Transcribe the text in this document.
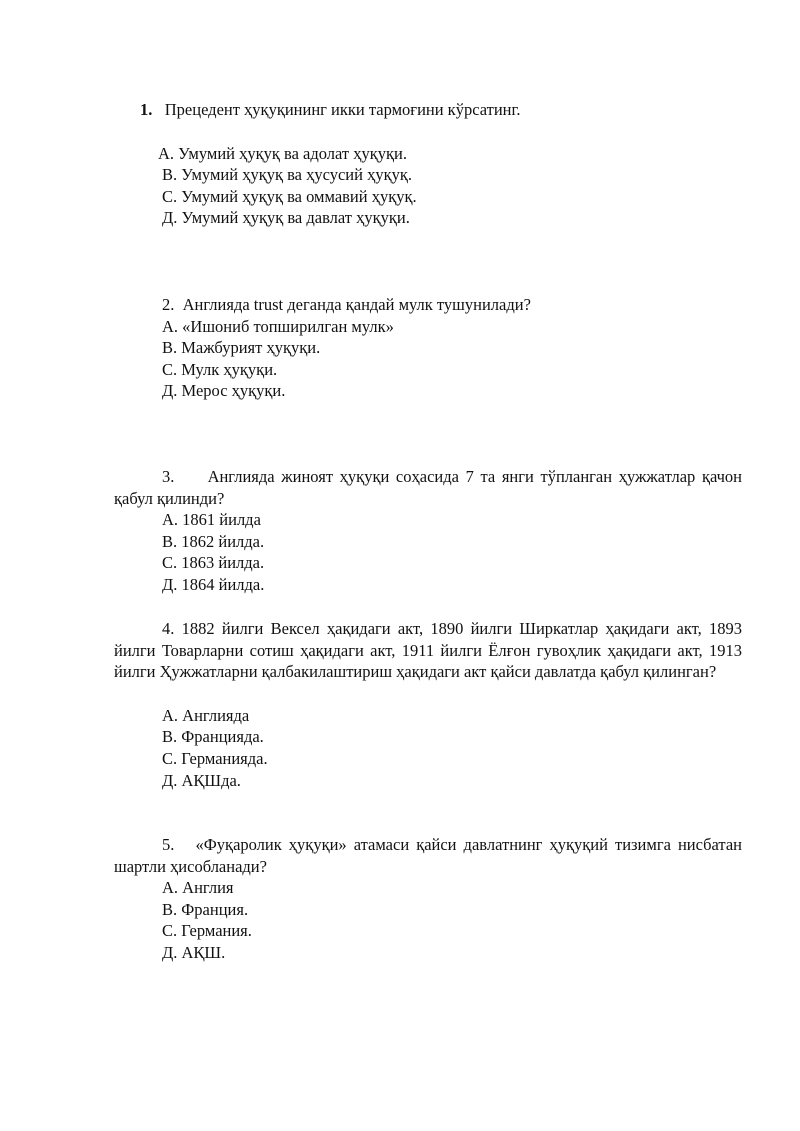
1. Прецедент ҳуқуқининг икки тармоғини кўрсатинг.

А. Умумий ҳуқуқ ва адолат ҳуқуқи.
В. Умумий ҳуқуқ ва ҳусусий ҳуқуқ.
С. Умумий ҳуқуқ ва оммавий ҳуқуқ.
Д. Умумий ҳуқуқ ва давлат ҳуқуқи.

2. Англияда trust деганда қандай мулк тушунилади?

А. «Ишониб топширилган мулк»
В. Мажбурият ҳуқуқи.
С. Мулк ҳуқуқи.
Д. Мерос ҳуқуқи.

3. Англияда жиноят ҳуқуқи соҳасида 7 та янги тўпланган ҳужжатлар қачон қабул қилинди?

А. 1861 йилда
В. 1862 йилда.
С. 1863 йилда.
Д. 1864 йилда.

4. 1882 йилги Вексел ҳақидаги акт, 1890 йилги Ширкатлар ҳақидаги акт, 1893 йилги Товарларни сотиш ҳақидаги акт, 1911 йилги Ёлғон гувоҳлик ҳақидаги акт, 1913 йилги Ҳужжатларни қалбакилаштириш ҳақидаги акт қайси давлатда қабул қилинган?

А. Англияда
В. Францияда.
С. Германияда.
Д. АҚШда.

5. «Фуқаролик ҳуқуқи» атамаси қайси давлатнинг ҳуқуқий тизимга нисбатан шартли ҳисобланади?

А. Англия
В. Франция.
С. Германия.
Д. АҚШ.
